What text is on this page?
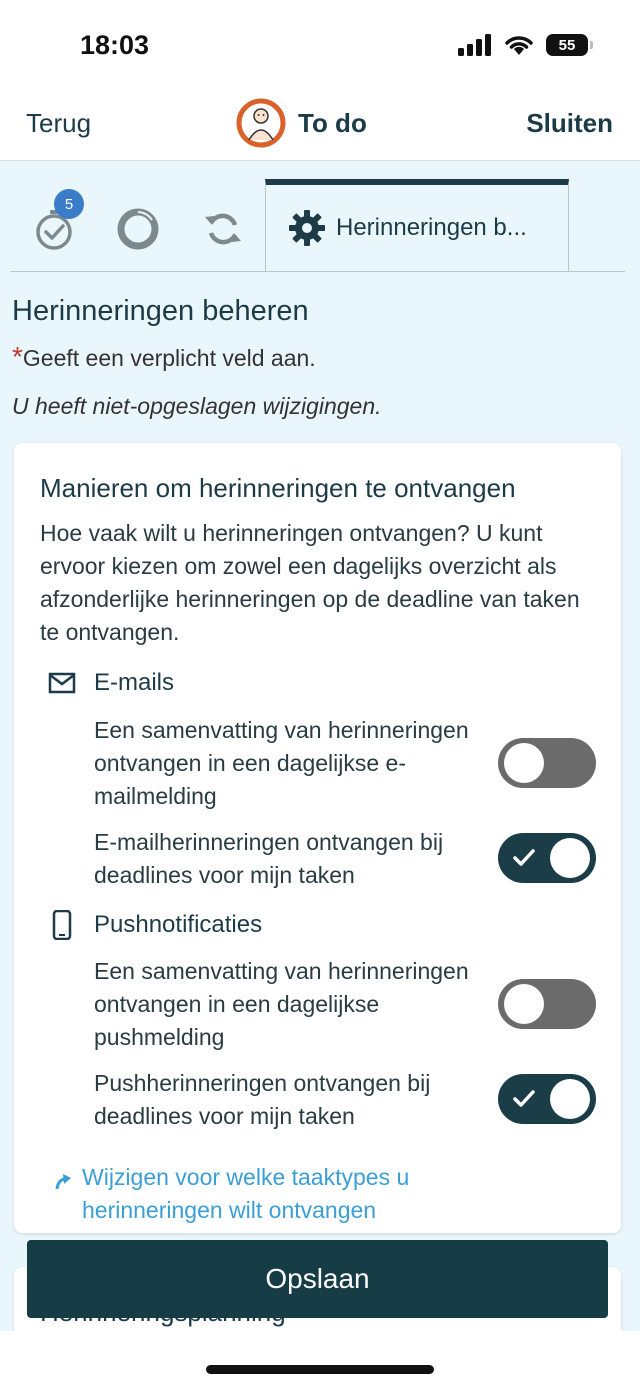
18:03	55
Terug	To do	Sluiten
5
Herinneringen b...
Herinneringen beheren
*Geeft een verplicht veld aan.
U heeft niet-opgeslagen wijzigingen.
Manieren om herinneringen te ontvangen
Hoe vaak wilt u herinneringen ontvangen? U kunt ervoor kiezen om zowel een dagelijks overzicht als afzonderlijke herinneringen op de deadline van taken te ontvangen.
E-mails
Een samenvatting van herinneringen ontvangen in een dagelijkse e-mailmelding
E-mailherinneringen ontvangen bij deadlines voor mijn taken
Pushnotificaties
Een samenvatting van herinneringen ontvangen in een dagelijkse pushmelding
Pushherinneringen ontvangen bij deadlines voor mijn taken
Wijzigen voor welke taaktypes u herinneringen wilt ontvangen
Opslaan
